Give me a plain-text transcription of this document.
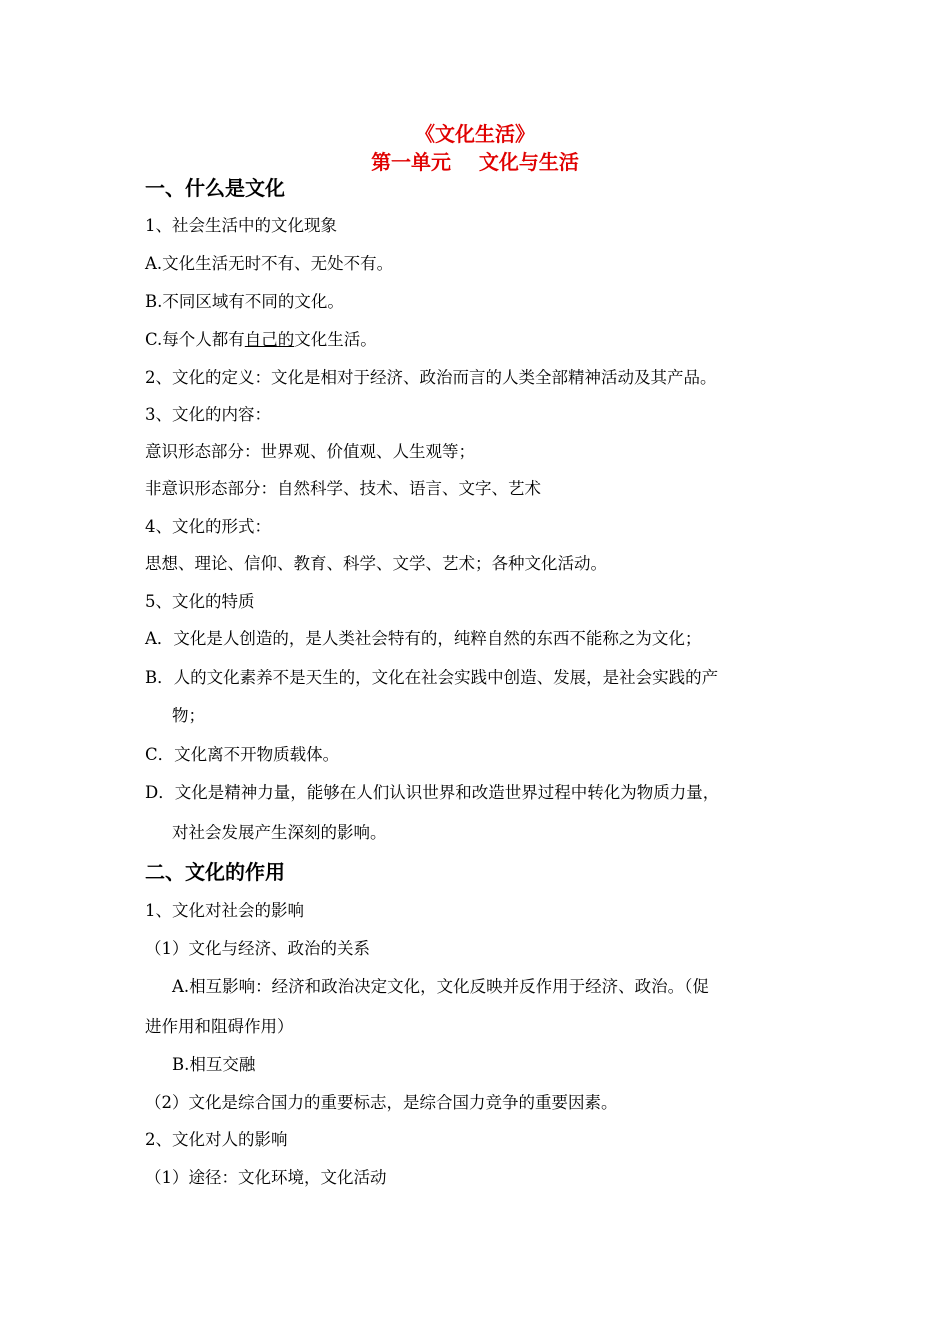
《文化生活》
第一单元    文化与生活
一、什么是文化
1、社会生活中的文化现象
A.文化生活无时不有、无处不有。
B.不同区域有不同的文化。
C.每个人都有自己的文化生活。
2、文化的定义：文化是相对于经济、政治而言的人类全部精神活动及其产品。
3、文化的内容：
意识形态部分：世界观、价值观、人生观等；
非意识形态部分：自然科学、技术、语言、文字、艺术
4、文化的形式：
思想、理论、信仰、教育、科学、文学、艺术；各种文化活动。
5、文化的特质
A．文化是人创造的，是人类社会特有的，纯粹自然的东西不能称之为文化；
B．人的文化素养不是天生的，文化在社会实践中创造、发展，是社会实践的产
物；
C．文化离不开物质载体。
D．文化是精神力量，能够在人们认识世界和改造世界过程中转化为物质力量，
对社会发展产生深刻的影响。
二、文化的作用
1、文化对社会的影响
（1）文化与经济、政治的关系
A.相互影响：经济和政治决定文化，文化反映并反作用于经济、政治。（促
进作用和阻碍作用）
B.相互交融
（2）文化是综合国力的重要标志，是综合国力竞争的重要因素。
2、文化对人的影响
（1）途径：文化环境，文化活动
